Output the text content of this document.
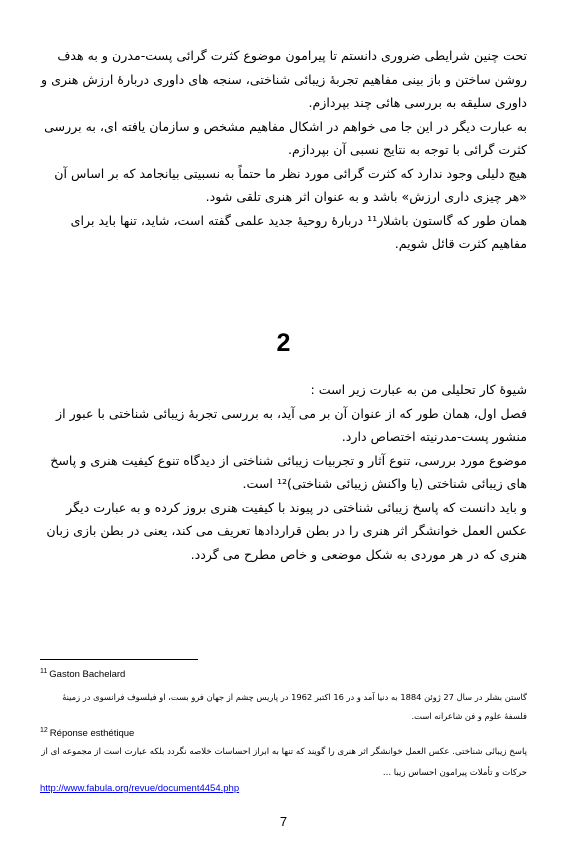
تحت چنین شرایطی ضروری دانستم تا پیرامون موضوع کثرت گرائی پست-مدرن و به هدف روشن ساختن و باز بینی مفاهیم تجربهٔ زیبائی شناختی، سنجه های داوری دربارهٔ ارزش هنری و داوری سلیقه به بررسی هائی چند بپردازم.

به عبارت دیگر در این جا می خواهم در اشکال مفاهیم مشخص و سازمان یافته ای، به بررسی کثرت گرائی با توجه به نتایج نسبی آن بپردازم.

هیچ دلیلی وجود ندارد که کثرت گرائی مورد نظر ما حتماً به نسبیتی بیانجامد که بر اساس آن «هر چیزی داری ارزش» باشد و به عنوان اثر هنری تلقی شود.

همان طور که گاستون باشلار¹¹ دربارهٔ روحیهٔ جدید علمی گفته است، شاید، تنها باید برای مفاهیم کثرت قائل شویم.

2

شیوهٔ کار تحلیلی من به عبارت زیر است :

فصل اول، همان طور که از عنوان آن بر می آید، به بررسی تجربهٔ زیبائی شناختی با عبور از منشور پست-مدرنیته اختصاص دارد.

موضوع مورد بررسی، تنوع آثار و تجربیات زیبائی شناختی از دیدگاه تنوع کیفیت هنری و پاسخ های زیبائی شناختی (یا واکنش زیبائی شناختی)¹² است.

و باید دانست که پاسخ زیبائی شناختی در پیوند با کیفیت هنری بروز کرده و به عبارت دیگر عکس العمل خوانشگر اثر هنری را در بطن قراردادها تعریف می کند، یعنی در بطن بازی زبان هنری که در هر موردی به شکل موضعی و خاص مطرح می گردد.

$^{11}$ Gaston Bachelard
گاستن بشلر در سال 27 ژوئن 1884 به دنیا آمد و در 16 اکتبر 1962 در پاریس چشم از جهان فرو بست، او فیلسوف فرانسوی در زمینهٔ فلسفهٔ علوم و فن شاعرانه است.
$^{12}$ Réponse esthétique
پاسخ زیبائی شناختی. عکس العمل خوانشگر اثر هنری را گویند که تنها به ابراز احساسات خلاصه نگردد بلکه عبارت است از مجموعه ای از حرکات و تأملات پیرامون احساس زیبا ...
http://www.fabula.org/revue/document4454.php
7
